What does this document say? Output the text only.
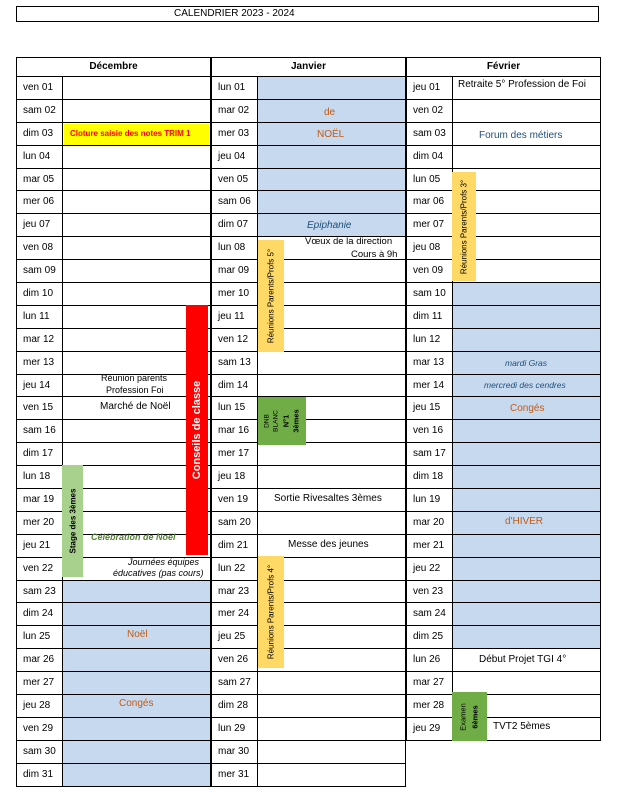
CALENDRIER 2023 - 2024
Décembre
ven 01
sam 02
dim 03
lun 04
mar 05
mer 06
jeu 07
ven 08
sam 09
dim 10
lun 11
mar 12
mer 13
jeu 14
ven 15
sam 16
dim 17
lun 18
mar 19
mer 20
jeu 21
ven 22
sam 23
dim 24
lun 25
mar 26
mer 27
jeu 28
ven 29
sam 30
dim 31
Janvier
lun 01
mar 02
mer 03
jeu 04
ven 05
sam 06
dim 07
lun 08
mar 09
mer 10
jeu 11
ven 12
sam 13
dim 14
lun 15
mar 16
mer 17
jeu 18
ven 19
sam 20
dim 21
lun 22
mar 23
mer 24
jeu 25
ven 26
sam 27
dim 28
lun 29
mar 30
mer 31
Février
jeu 01
ven 02
sam 03
dim 04
lun 05
mar 06
mer 07
jeu 08
ven 09
sam 10
dim 11
lun 12
mar 13
mer 14
jeu 15
ven 16
sam 17
dim 18
lun 19
mar 20
mer 21
jeu 22
ven 23
sam 24
dim 25
lun 26
mar 27
mer 28
jeu 29
Cloture saisie des notes TRIM 1
Réunion parents
Profession Foi
Marché de Noël
Stage des 3èmes Célébration de Noël
Journées équipes
éducatives (pas cours)
Noël
Congés
Conseils de classe
de
NOËL
Epiphanie
Vœux de la direction
Cours à 9h
Réunions Parents/Profs 5°
DNB BLANC N°1 3èmes
Sortie Rivesaltes 3èmes
Messe des jeunes
Réunions Parents/Profs 4°
Retraite 5° Profession de Foi
Forum des métiers
Réunions Parents/Profs 3°
mardi Gras
mercredi des cendres
Congés
d'HIVER
Début Projet TGI 4°
Examen 6èmes TVT2 5èmes
